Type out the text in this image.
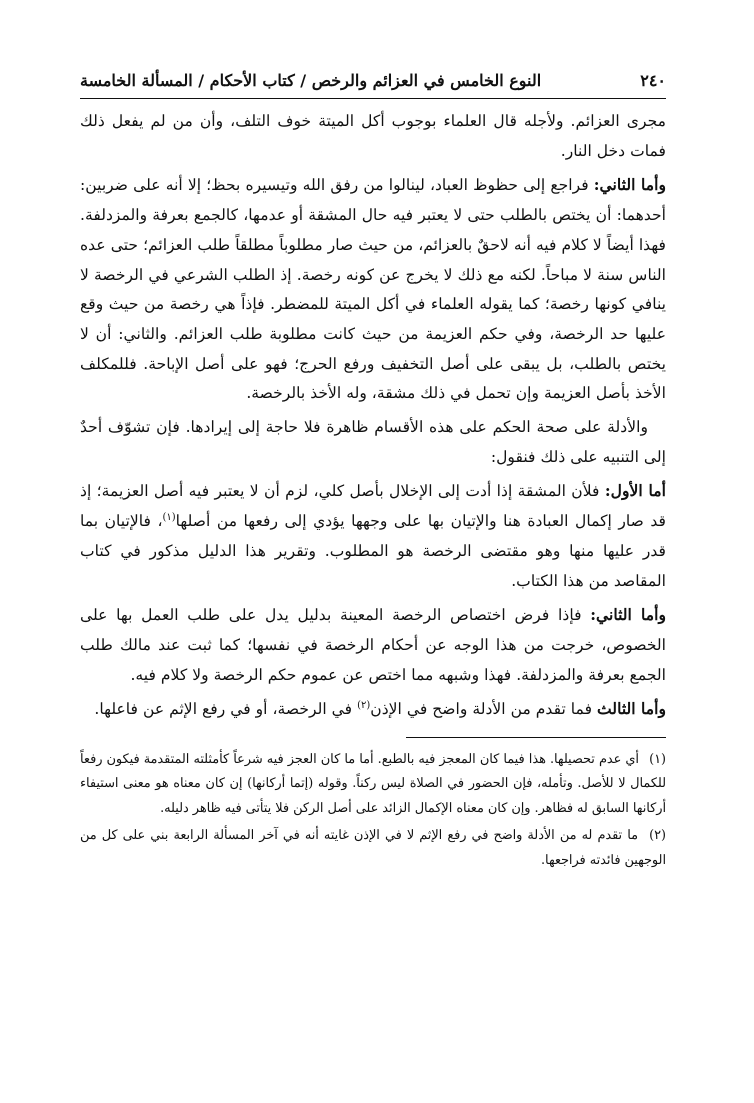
٢٤٠
النوع الخامس في العزائم والرخص / كتاب الأحكام / المسألة الخامسة

مجرى العزائم. ولأجله قال العلماء بوجوب أكل الميتة خوف التلف، وأن من لم يفعل ذلك فمات دخل النار.

وأما الثاني: فراجع إلى حظوظ العباد، لينالوا من رفق الله وتيسيره بحظ؛ إلا أنه على ضربين: أحدهما: أن يختص بالطلب حتى لا يعتبر فيه حال المشقة أو عدمها، كالجمع بعرفة والمزدلفة. فهذا أيضاً لا كلام فيه أنه لاحقٌ بالعزائم، من حيث صار مطلوباً مطلقاً طلب العزائم؛ حتى عده الناس سنة لا مباحاً. لكنه مع ذلك لا يخرج عن كونه رخصة. إذ الطلب الشرعي في الرخصة لا ينافي كونها رخصة؛ كما يقوله العلماء في أكل الميتة للمضطر. فإذاً هي رخصة من حيث وقع عليها حد الرخصة، وفي حكم العزيمة من حيث كانت مطلوبة طلب العزائم. والثاني: أن لا يختص بالطلب، بل يبقى على أصل التخفيف ورفع الحرج؛ فهو على أصل الإباحة. فللمكلف الأخذ بأصل العزيمة وإن تحمل في ذلك مشقة، وله الأخذ بالرخصة.

والأدلة على صحة الحكم على هذه الأقسام ظاهرة فلا حاجة إلى إيرادها. فإن تشوّف أحدٌ إلى التنبيه على ذلك فنقول:

أما الأول: فلأن المشقة إذا أدت إلى الإخلال بأصل كلي، لزم أن لا يعتبر فيه أصل العزيمة؛ إذ قد صار إكمال العبادة هنا والإتيان بها على وجهها يؤدي إلى رفعها من أصلها$^{(١)}$، فالإتيان بما قدر عليها منها وهو مقتضى الرخصة هو المطلوب. وتقرير هذا الدليل مذكور في كتاب المقاصد من هذا الكتاب.

وأما الثاني: فإذا فرض اختصاص الرخصة المعينة بدليل يدل على طلب العمل بها على الخصوص، خرجت من هذا الوجه عن أحكام الرخصة في نفسها؛ كما ثبت عند مالك طلب الجمع بعرفة والمزدلفة. فهذا وشبهه مما اختص عن عموم حكم الرخصة ولا كلام فيه.

وأما الثالث فما تقدم من الأدلة واضح في الإذن$^{(٢)}$ في الرخصة، أو في رفع الإثم عن فاعلها.

(١) أي عدم تحصيلها. هذا فيما كان المعجز فيه بالطبع. أما ما كان العجز فيه شرعاً كأمثلته المتقدمة فيكون رفعاً للكمال لا للأصل. وتأمله، فإن الحضور في الصلاة ليس ركناً. وقوله (إتما أركانها) إن كان معناه هو معنى استيفاء أركانها السابق له فظاهر. وإن كان معناه الإكمال الزائد على أصل الركن فلا يتأتى فيه ظاهر دليله.

(٢) ما تقدم له من الأدلة واضح في رفع الإثم لا في الإذن غايته أنه في آخر المسألة الرابعة بني على كل من الوجهين فائدته فراجعها.
